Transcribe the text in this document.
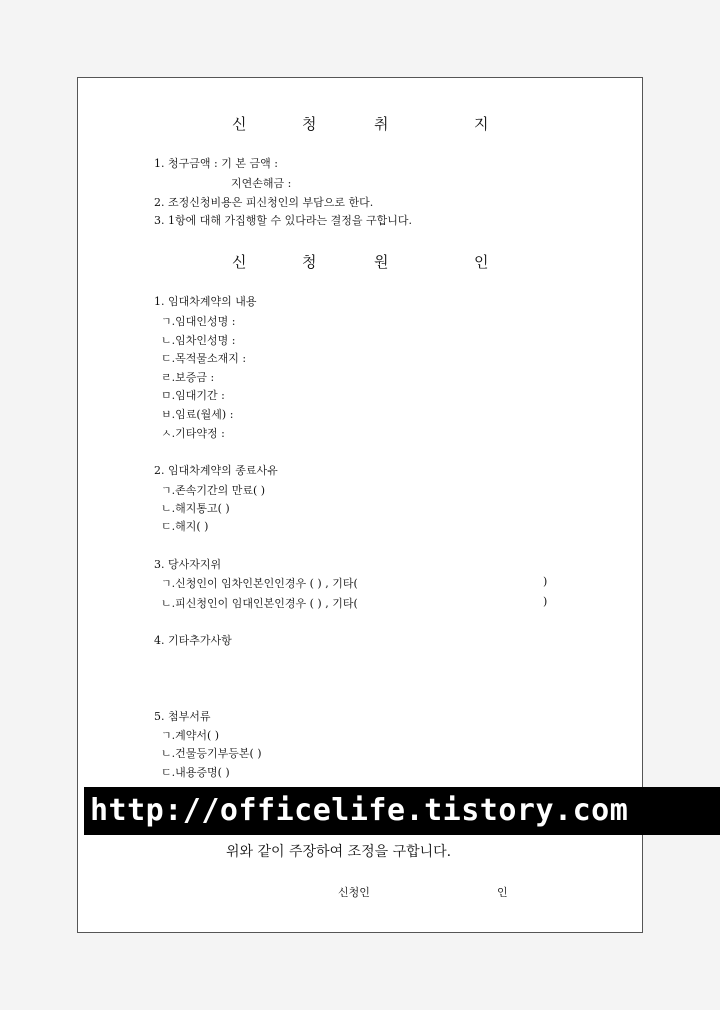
신	청	취	지
1. 청구금액 : 기 본 금액 :
지연손해금 :
2. 조정신청비용은 피신청인의 부담으로 한다.
3. 1항에 대해 가집행할 수 있다라는 결정을 구합니다.
신	청	원	인
1. 임대차계약의 내용
ㄱ.임대인성명 :
ㄴ.임차인성명 :
ㄷ.목적물소재지 :
ㄹ.보증금 :
ㅁ.임대기간 :
ㅂ.임료(월세) :
ㅅ.기타약정 :
2. 임대차계약의 종료사유
ㄱ.존속기간의 만료( )
ㄴ.해지통고( )
ㄷ.해지( )
3. 당사자지위
ㄱ.신청인이 임차인본인인경우 ( ) , 기타(	)
ㄴ.피신청인이 임대인본인경우 ( ) , 기타(	)
4. 기타추가사항
5. 첨부서류
ㄱ.계약서( )
ㄴ.건물등기부등본( )
ㄷ.내용증명( )
http://officelife.tistory.com
위와 같이 주장하여 조정을 구합니다.
신청인	인
